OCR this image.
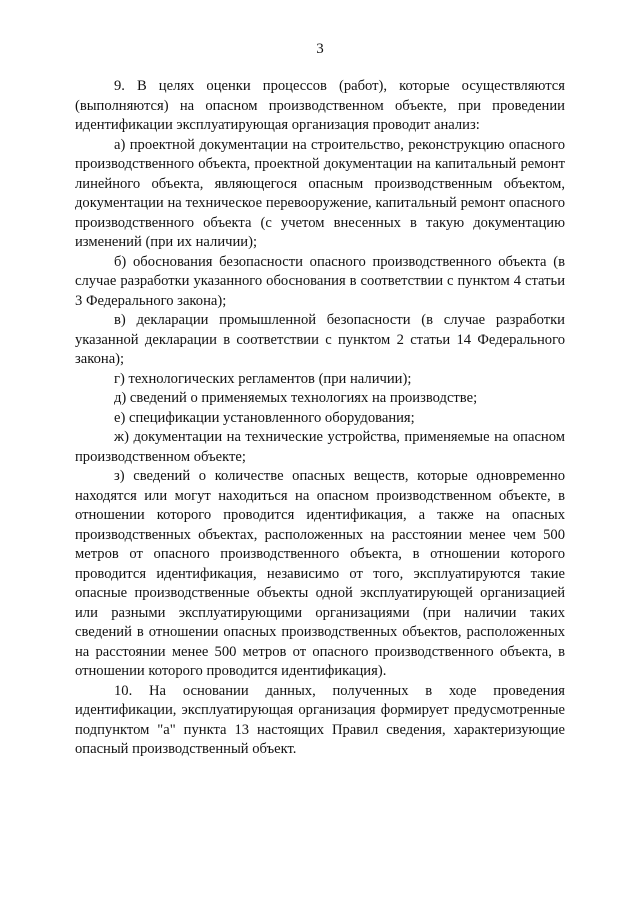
3

9. В целях оценки процессов (работ), которые осуществляются (выполняются) на опасном производственном объекте, при проведении идентификации эксплуатирующая организация проводит анализ:

а) проектной документации на строительство, реконструкцию опасного производственного объекта, проектной документации на капитальный ремонт линейного объекта, являющегося опасным производственным объектом, документации на техническое перевооружение, капитальный ремонт опасного производственного объекта (с учетом внесенных в такую документацию изменений (при их наличии);

б) обоснования безопасности опасного производственного объекта (в случае разработки указанного обоснования в соответствии с пунктом 4 статьи 3 Федерального закона);

в) декларации промышленной безопасности (в случае разработки указанной декларации в соответствии с пунктом 2 статьи 14 Федерального закона);

г) технологических регламентов (при наличии);

д) сведений о применяемых технологиях на производстве;

е) спецификации установленного оборудования;

ж) документации на технические устройства, применяемые на опасном производственном объекте;

з) сведений о количестве опасных веществ, которые одновременно находятся или могут находиться на опасном производственном объекте, в отношении которого проводится идентификация, а также на опасных производственных объектах, расположенных на расстоянии менее чем 500 метров от опасного производственного объекта, в отношении которого проводится идентификация, независимо от того, эксплуатируются такие опасные производственные объекты одной эксплуатирующей организацией или разными эксплуатирующими организациями (при наличии таких сведений в отношении опасных производственных объектов, расположенных на расстоянии менее 500 метров от опасного производственного объекта, в отношении которого проводится идентификация).

10. На основании данных, полученных в ходе проведения идентификации, эксплуатирующая организация формирует предусмотренные подпунктом "а" пункта 13 настоящих Правил сведения, характеризующие опасный производственный объект.
